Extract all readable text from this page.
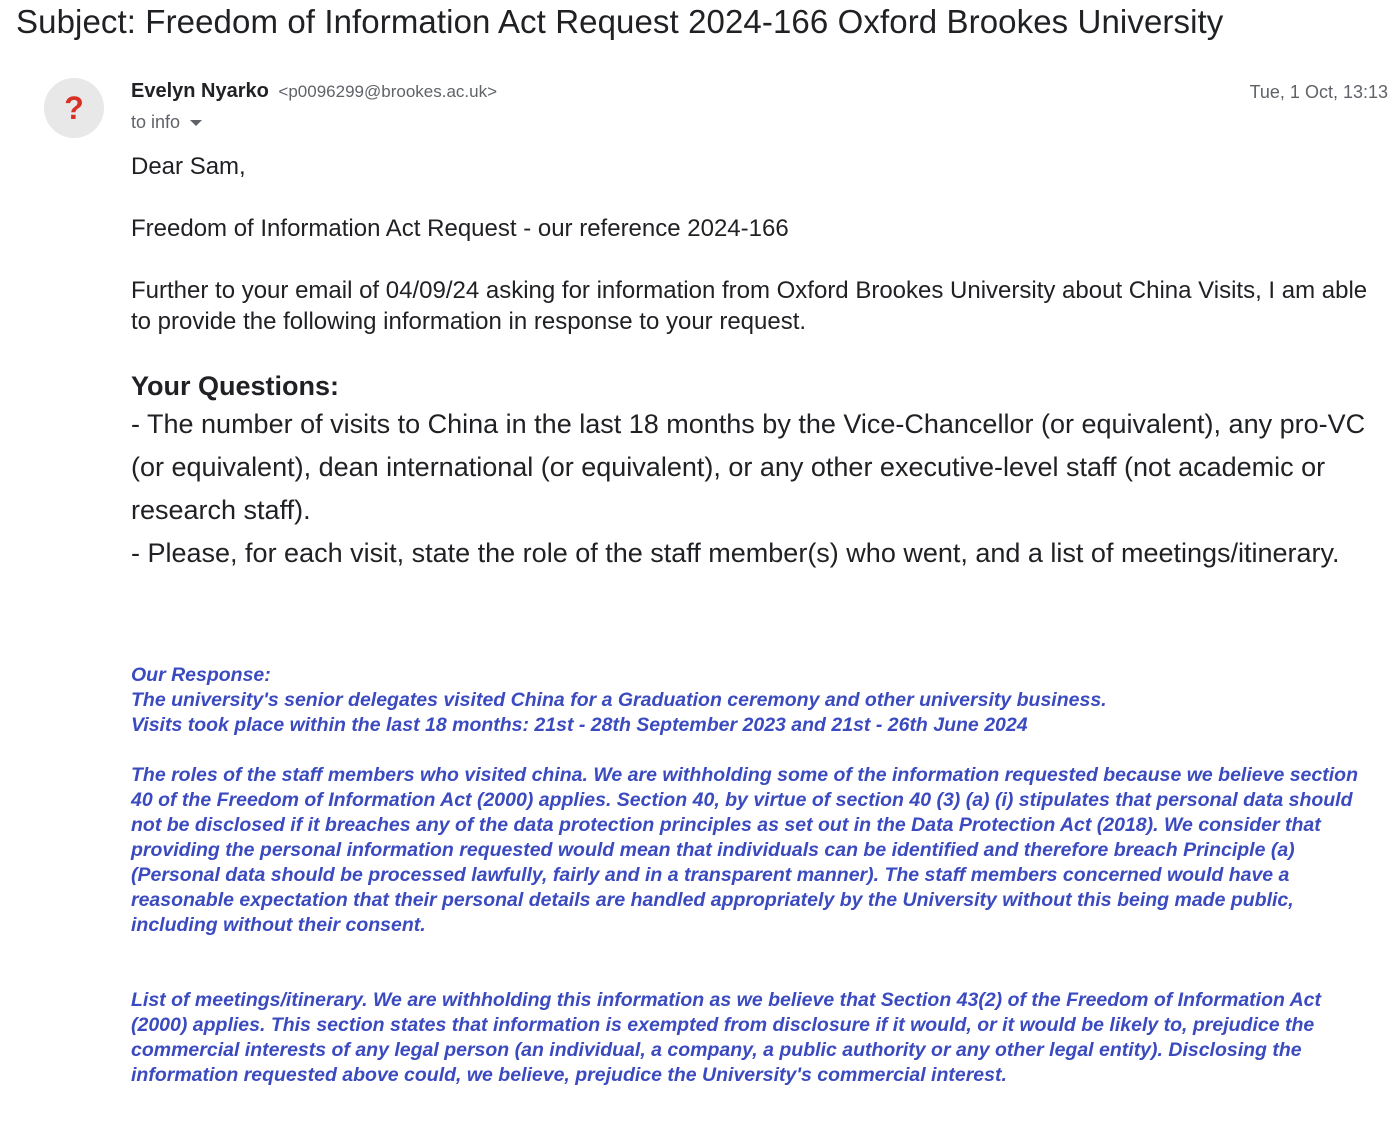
Subject: Freedom of Information Act Request 2024-166 Oxford Brookes University
? Evelyn Nyarko <p0096299@brookes.ac.uk>
to info
Tue, 1 Oct, 13:13
Dear Sam,
Freedom of Information Act Request - our reference 2024-166
Further to your email of 04/09/24 asking for information from Oxford Brookes University about China Visits, I am able to provide the following information in response to your request.
Your Questions:

- The number of visits to China in the last 18 months by the Vice-Chancellor (or equivalent), any pro-VC (or equivalent), dean international (or equivalent), or any other executive-level staff (not academic or research staff).

- Please, for each visit, state the role of the staff member(s) who went, and a list of meetings/itinerary.

Our Response:

The university's senior delegates visited China for a Graduation ceremony and other university business.

Visits took place within the last 18 months: 21st - 28th September 2023 and 21st - 26th June 2024

The roles of the staff members who visited china. We are withholding some of the information requested because we believe section 40 of the Freedom of Information Act (2000) applies. Section 40, by virtue of section 40 (3) (a) (i) stipulates that personal data should not be disclosed if it breaches any of the data protection principles as set out in the Data Protection Act (2018). We consider that providing the personal information requested would mean that individuals can be identified and therefore breach Principle (a) (Personal data should be processed lawfully, fairly and in a transparent manner). The staff members concerned would have a reasonable expectation that their personal details are handled appropriately by the University without this being made public, including without their consent.
List of meetings/itinerary. We are withholding this information as we believe that Section 43(2) of the Freedom of Information Act (2000) applies. This section states that information is exempted from disclosure if it would, or it would be likely to, prejudice the commercial interests of any legal person (an individual, a company, a public authority or any other legal entity). Disclosing the information requested above could, we believe, prejudice the University's commercial interest.
